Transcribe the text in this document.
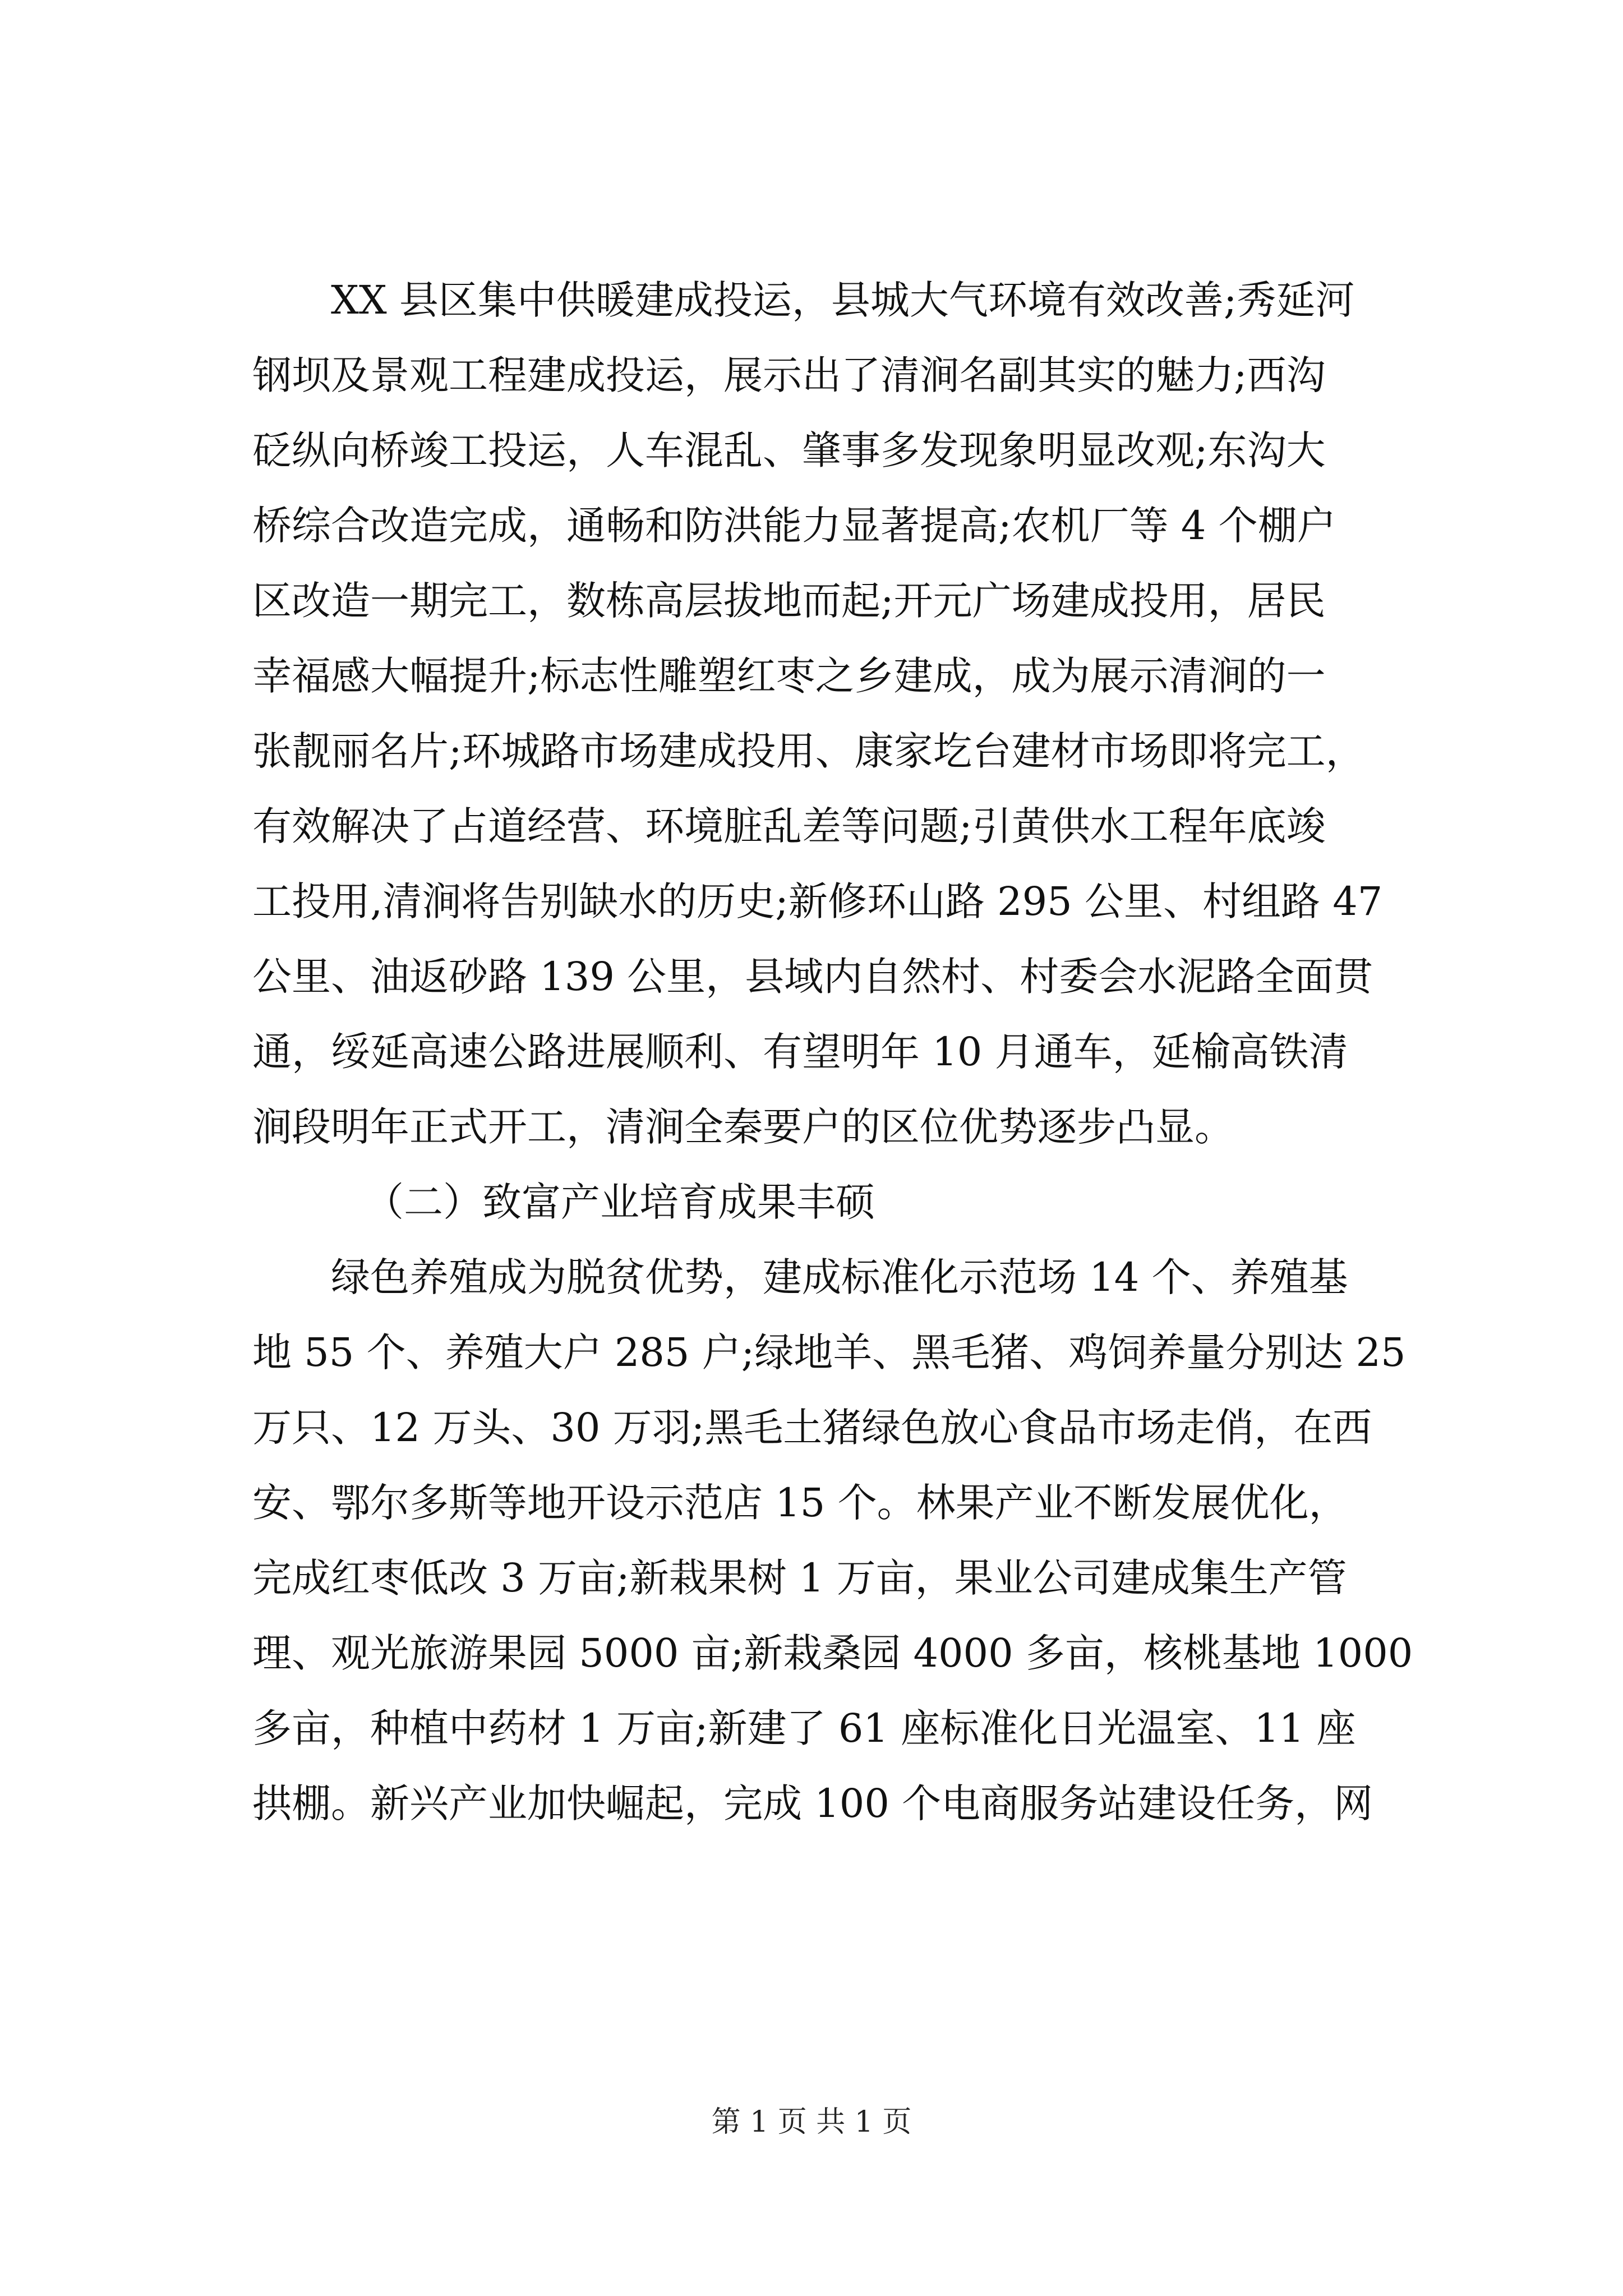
XX 县区集中供暖建成投运，县城大气环境有效改善;秀延河
钢坝及景观工程建成投运，展示出了清涧名副其实的魅力;西沟
砭纵向桥竣工投运，人车混乱、肇事多发现象明显改观;东沟大
桥综合改造完成，通畅和防洪能力显著提高;农机厂等 4 个棚户
区改造一期完工，数栋高层拔地而起;开元广场建成投用，居民
幸福感大幅提升;标志性雕塑红枣之乡建成，成为展示清涧的一
张靓丽名片;环城路市场建成投用、康家圪台建材市场即将完工，
有效解决了占道经营、环境脏乱差等问题;引黄供水工程年底竣
工投用,清涧将告别缺水的历史;新修环山路 295 公里、村组路 47
公里、油返砂路 139 公里，县域内自然村、村委会水泥路全面贯
通，绥延高速公路进展顺利、有望明年 10 月通车，延榆高铁清
涧段明年正式开工，清涧全秦要户的区位优势逐步凸显。
（二）致富产业培育成果丰硕
绿色养殖成为脱贫优势，建成标准化示范场 14 个、养殖基
地 55 个、养殖大户 285 户;绿地羊、黑毛猪、鸡饲养量分别达 25
万只、12 万头、30 万羽;黑毛土猪绿色放心食品市场走俏，在西
安、鄂尔多斯等地开设示范店 15 个。林果产业不断发展优化，
完成红枣低改 3 万亩;新栽果树 1 万亩，果业公司建成集生产管
理、观光旅游果园 5000 亩;新栽桑园 4000 多亩，核桃基地 1000
多亩，种植中药材 1 万亩;新建了 61 座标准化日光温室、11 座
拱棚。新兴产业加快崛起，完成 100 个电商服务站建设任务，网
第 1 页 共 1 页
